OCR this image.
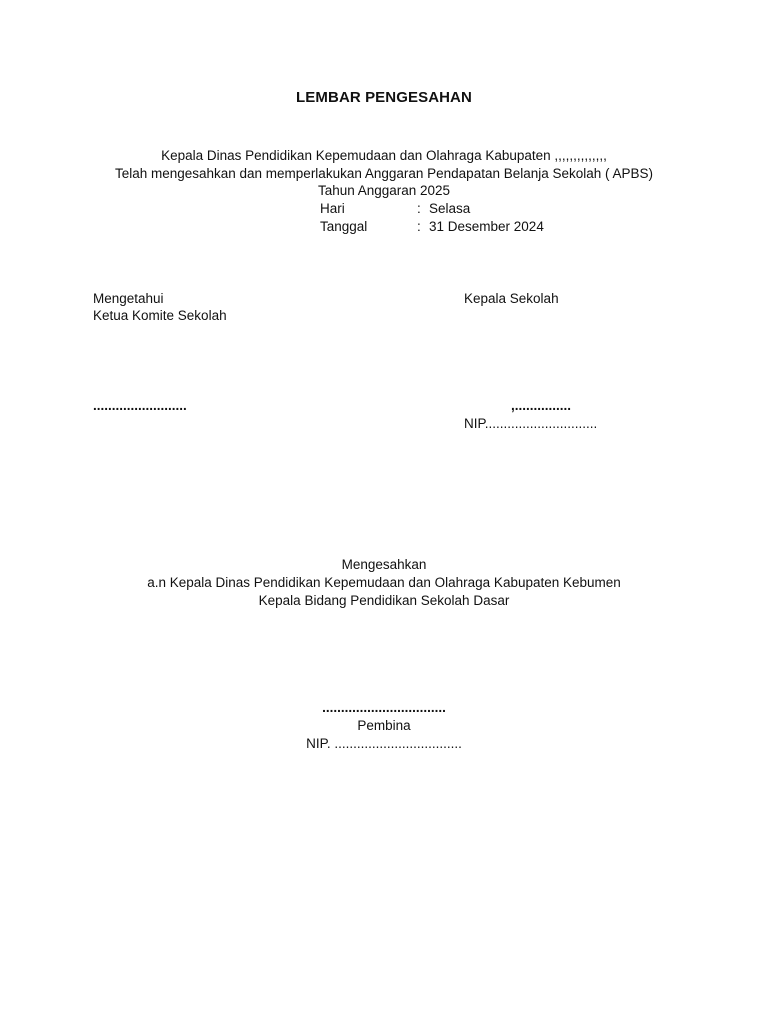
LEMBAR PENGESAHAN
Kepala Dinas Pendidikan Kepemudaan dan Olahraga Kabupaten ,,,,,,,,,,,,,,
Telah mengesahkan dan memperlakukan Anggaran Pendapatan Belanja Sekolah ( APBS)
Tahun Anggaran 2025
Hari	: Selasa
Tanggal	: 31 Desember 2024
Mengetahui
Ketua Komite Sekolah
.........................
Kepala Sekolah
,...............
NIP..............................
Mengesahkan
a.n Kepala Dinas Pendidikan Kepemudaan dan Olahraga Kabupaten Kebumen
Kepala Bidang Pendidikan Sekolah Dasar
.................................
Pembina
NIP. ..................................
